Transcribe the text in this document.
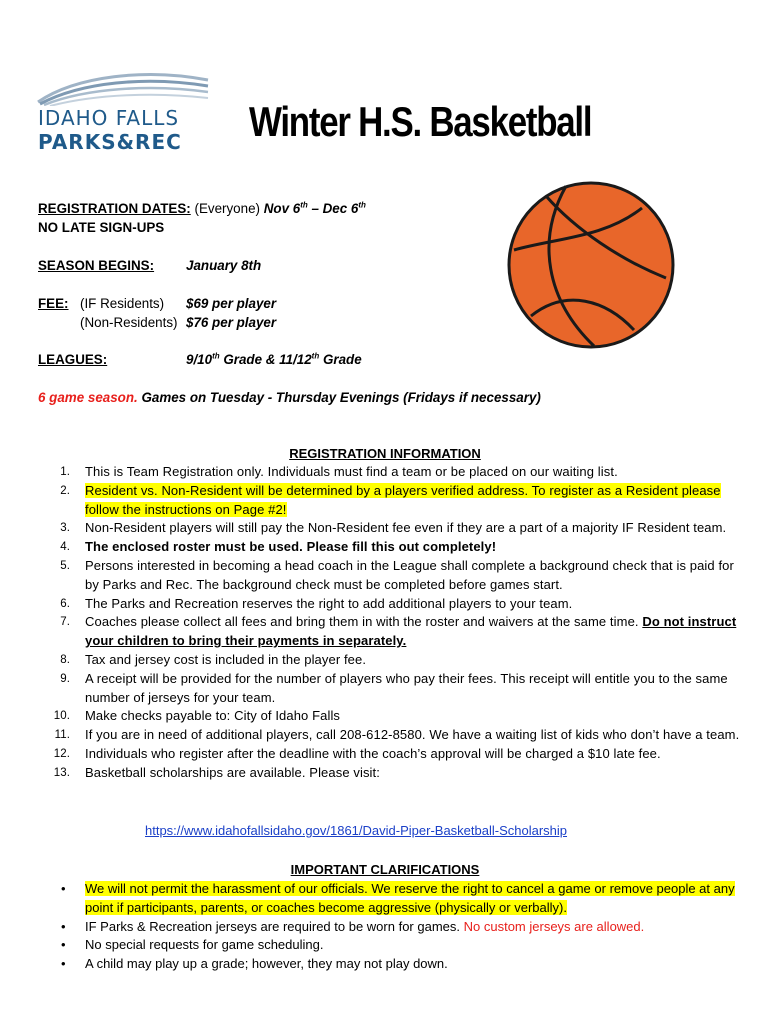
IDAHO FALLS
PARKS&REC Winter H.S. Basketball
REGISTRATION DATES: (Everyone) Nov 6th – Dec 6th
NO LATE SIGN-UPS
SEASON BEGINS: January 8th
FEE: (IF Residents) $69 per player
(Non-Residents) $76 per player
LEAGUES:	9/10th Grade & 11/12th Grade
6 game season. Games on Tuesday - Thursday Evenings (Fridays if necessary)
REGISTRATION INFORMATION
1. This is Team Registration only. Individuals must find a team or be placed on our waiting list.
2. Resident vs. Non-Resident will be determined by a players verified address. To register as a Resident please follow the instructions on Page #2!
3. Non-Resident players will still pay the Non-Resident fee even if they are a part of a majority IF Resident team.
4. The enclosed roster must be used. Please fill this out completely!
5. Persons interested in becoming a head coach in the League shall complete a background check that is paid for by Parks and Rec. The background check must be completed before games start.
6. The Parks and Recreation reserves the right to add additional players to your team.
7. Coaches please collect all fees and bring them in with the roster and waivers at the same time. Do not instruct your children to bring their payments in separately.
8. Tax and jersey cost is included in the player fee.
9. A receipt will be provided for the number of players who pay their fees. This receipt will entitle you to the same number of jerseys for your team.
10. Make checks payable to: City of Idaho Falls
11. If you are in need of additional players, call 208-612-8580. We have a waiting list of kids who don’t have a team.
12. Individuals who register after the deadline with the coach’s approval will be charged a $10 late fee.
13. Basketball scholarships are available. Please visit:
https://www.idahofallsidaho.gov/1861/David-Piper-Basketball-Scholarship
IMPORTANT CLARIFICATIONS
• We will not permit the harassment of our officials. We reserve the right to cancel a game or remove people at any point if participants, parents, or coaches become aggressive (physically or verbally).
• IF Parks & Recreation jerseys are required to be worn for games. No custom jerseys are allowed.
• No special requests for game scheduling.
• A child may play up a grade; however, they may not play down.
